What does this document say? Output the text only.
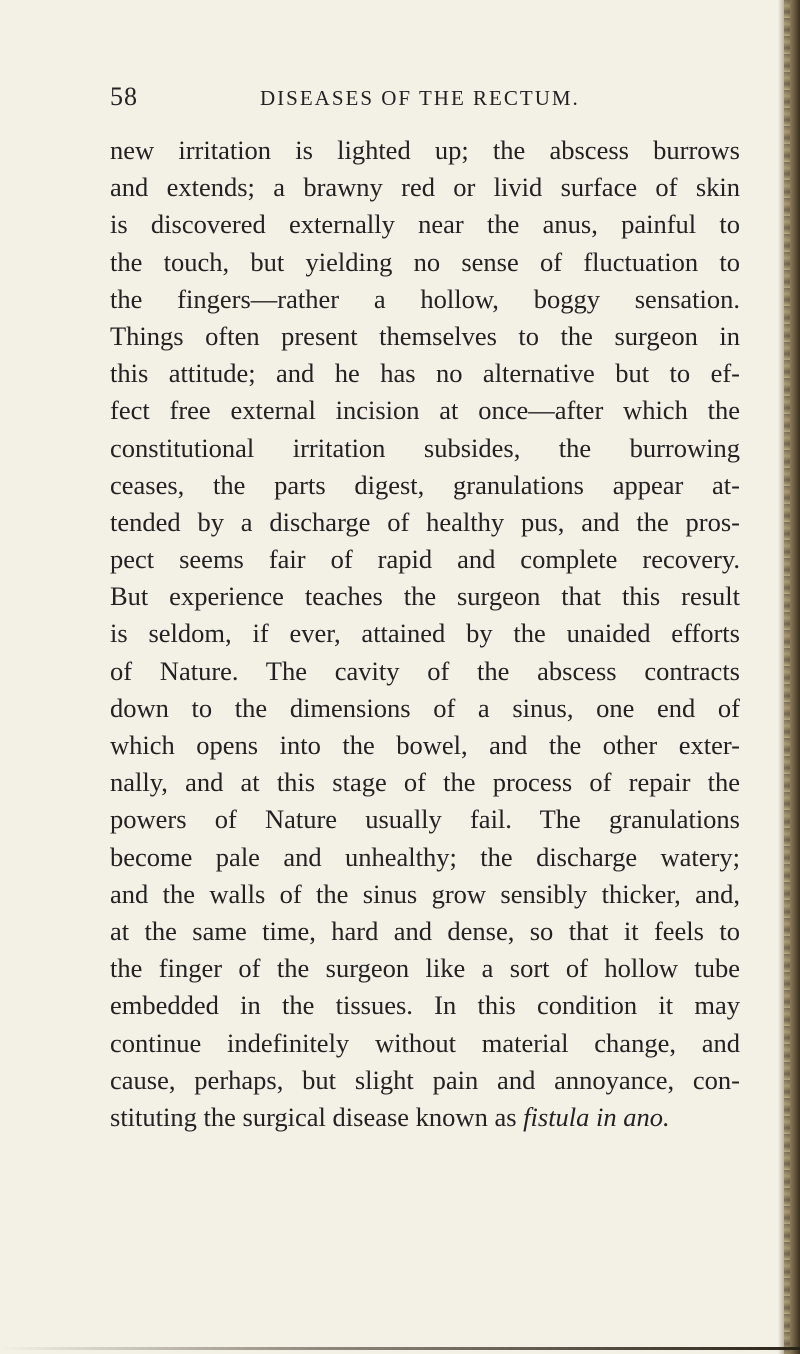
58	DISEASES OF THE RECTUM.
new irritation is lighted up; the abscess burrows
and extends; a brawny red or livid surface of skin
is discovered externally near the anus, painful to
the touch, but yielding no sense of fluctuation to
the fingers—rather a hollow, boggy sensation.
Things often present themselves to the surgeon in
this attitude; and he has no alternative but to ef-
fect free external incision at once—after which the
constitutional irritation subsides, the burrowing
ceases, the parts digest, granulations appear at-
tended by a discharge of healthy pus, and the pros-
pect seems fair of rapid and complete recovery.
But experience teaches the surgeon that this result
is seldom, if ever, attained by the unaided efforts
of Nature. The cavity of the abscess contracts
down to the dimensions of a sinus, one end of
which opens into the bowel, and the other exter-
nally, and at this stage of the process of repair the
powers of Nature usually fail. The granulations
become pale and unhealthy; the discharge watery;
and the walls of the sinus grow sensibly thicker, and,
at the same time, hard and dense, so that it feels to
the finger of the surgeon like a sort of hollow tube
embedded in the tissues. In this condition it may
continue indefinitely without material change, and
cause, perhaps, but slight pain and annoyance, con-
stituting the surgical disease known as fistula in ano.
